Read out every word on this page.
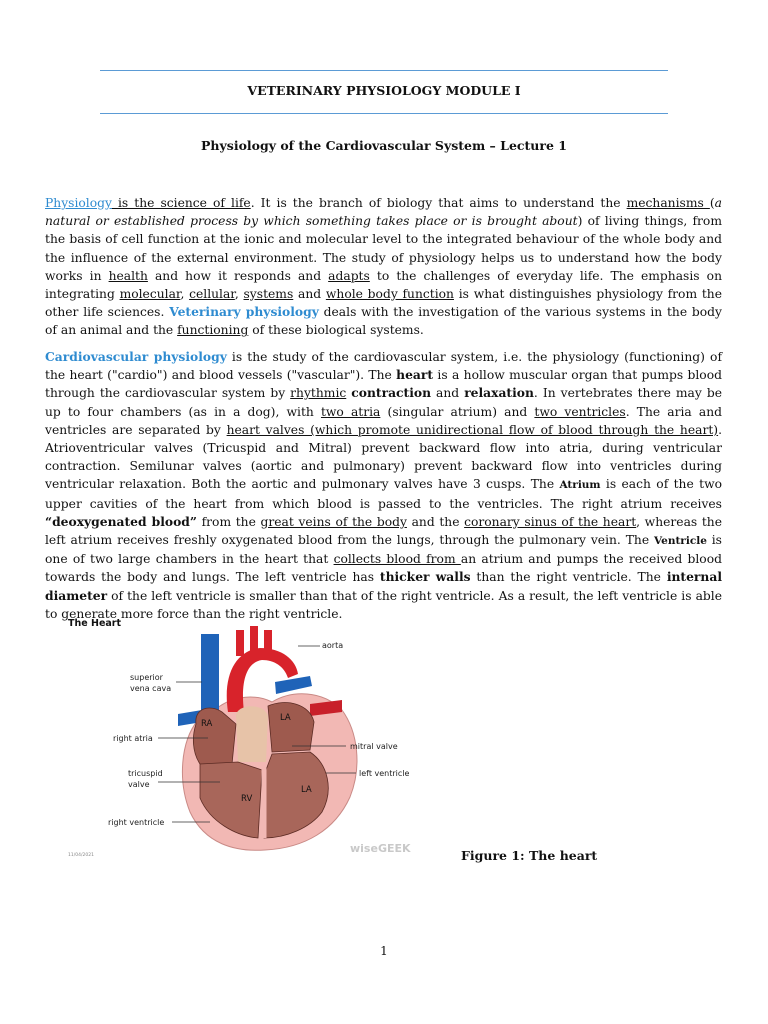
VETERINARY PHYSIOLOGY MODULE I
Physiology of the Cardiovascular System – Lecture 1

Physiology is the science of life. It is the branch of biology that aims to understand the mechanisms (a natural or established process by which something takes place or is brought about) of living things, from the basis of cell function at the ionic and molecular level to the integrated behaviour of the whole body and the influence of the external environment. The study of physiology helps us to understand how the body works in health and how it responds and adapts to the challenges of everyday life. The emphasis on integrating molecular, cellular, systems and whole body function is what distinguishes physiology from the other life sciences. Veterinary physiology deals with the investigation of the various systems in the body of an animal and the functioning of these biological systems.

Cardiovascular physiology is the study of the cardiovascular system, i.e. the physiology (functioning) of the heart ("cardio") and blood vessels ("vascular"). The heart is a hollow muscular organ that pumps blood through the cardiovascular system by rhythmic contraction and relaxation. In vertebrates there may be up to four chambers (as in a dog), with two atria (singular atrium) and two ventricles. The aria and ventricles are separated by heart valves (which promote unidirectional flow of blood through the heart). Atrioventricular valves (Tricuspid and Mitral) prevent backward flow into atria, during ventricular contraction. Semilunar valves (aortic and pulmonary) prevent backward flow into ventricles during ventricular relaxation. Both the aortic and pulmonary valves have 3 cusps. The Atrium is each of the two upper cavities of the heart from which blood is passed to the ventricles. The right atrium receives “deoxygenated blood” from the great veins of the body and the coronary sinus of the heart, whereas the left atrium receives freshly oxygenated blood from the lungs, through the pulmonary vein. The Ventricle is one of two large chambers in the heart that collects blood from an atrium and pumps the received blood towards the body and lungs. The left ventricle has thicker walls than the right ventricle. The internal diameter of the left ventricle is smaller than that of the right ventricle. As a result, the left ventricle is able to generate more force than the right ventricle.

The Heart
RA
LA
RV
LA
aorta
superior
vena cava
right atria
tricuspid
valve
right ventricle
mitral valve
left ventricle
wiseGEEK
11/04/2021	Figure 1: The heart
1
